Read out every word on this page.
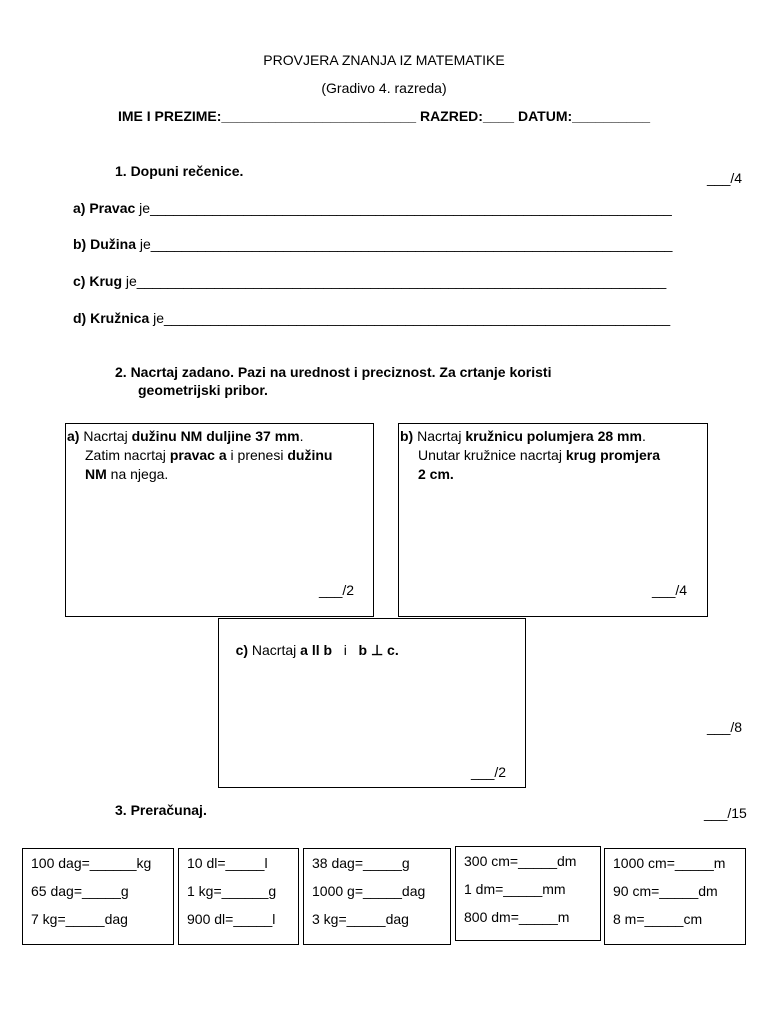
PROVJERA ZNANJA IZ MATEMATIKE
(Gradivo 4. razreda)
IME I PREZIME:_________________________ RAZRED:____ DATUM:__________
1. Dopuni rečenice.	___/4
a) Pravac je___________________________________________________________________
b) Dužina je___________________________________________________________________
c) Krug je____________________________________________________________________
d) Kružnica je_________________________________________________________________
2. Nacrtaj zadano. Pazi na urednost i preciznost. Za crtanje koristi
geometrijski pribor.
a) Nacrtaj dužinu NM duljine 37 mm.
Zatim nacrtaj pravac a i prenesi dužinu
NM na njega.
___/2
b) Nacrtaj kružnicu polumjera 28 mm.
Unutar kružnice nacrtaj krug promjera
2 cm.
___/4

c) Nacrtaj a ll b   i   b ⊥ c.

___/2
___/8
3. Preračunaj.	___/15
100 dag=______kg
65 dag=_____g
7 kg=_____dag
10 dl=_____l
1 kg=______g
900 dl=_____l
38 dag=_____g
1000 g=_____dag
3 kg=_____dag
300 cm=_____dm
1 dm=_____mm
800 dm=_____m
1000 cm=_____m
90 cm=_____dm
8 m=_____cm
